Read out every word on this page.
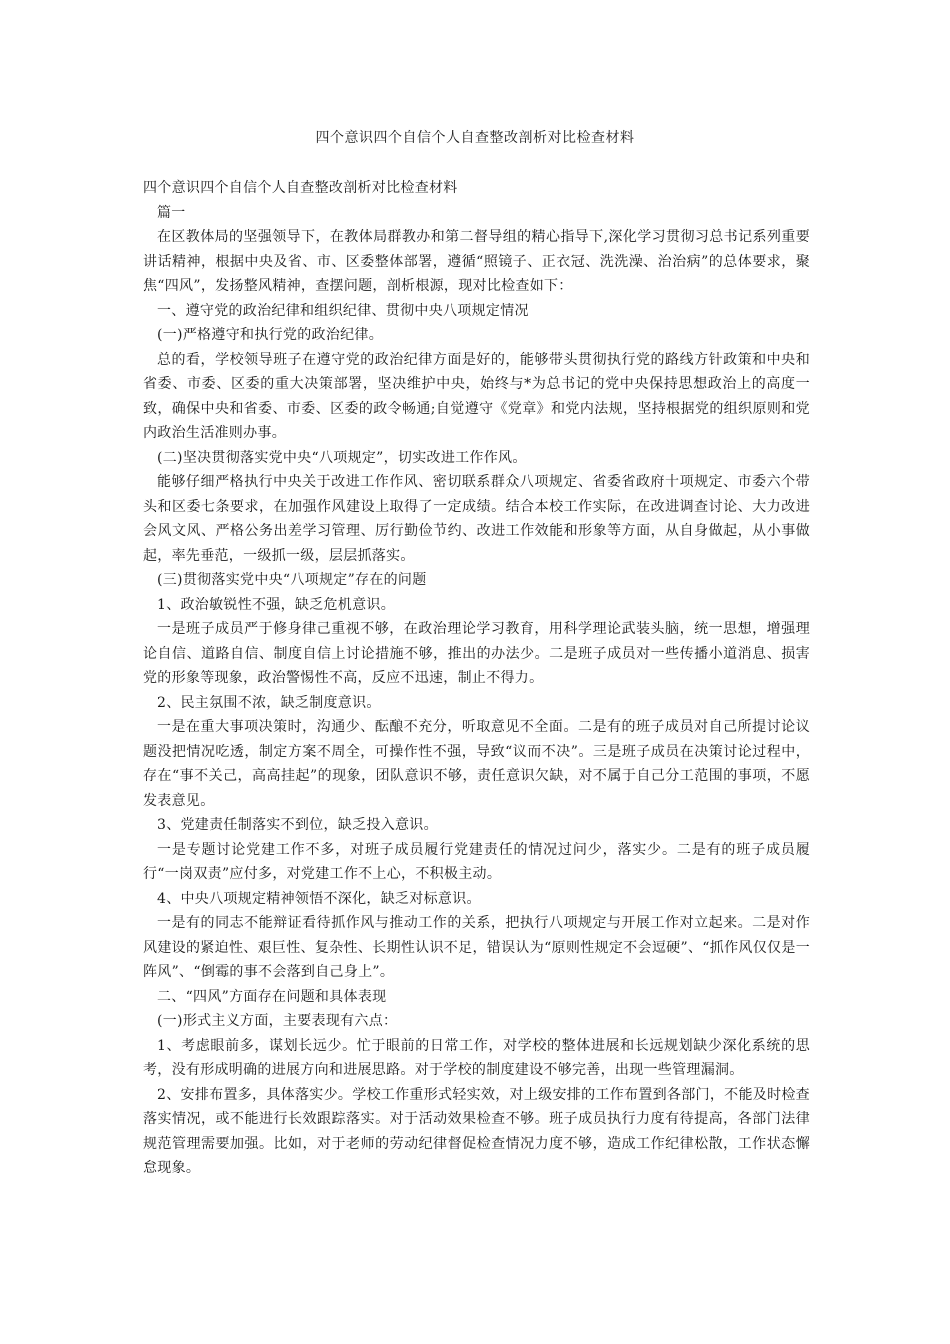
四个意识四个自信个人自查整改剖析对比检查材料

四个意识四个自信个人自查整改剖析对比检查材料

篇一

在区教体局的坚强领导下，在教体局群教办和第二督导组的精心指导下,深化学习贯彻习总书记系列重要讲话精神，根据中央及省、市、区委整体部署，遵循“照镜子、正衣冠、洗洗澡、治治病”的总体要求，聚焦“四风”，发扬整风精神，查摆问题，剖析根源，现对比检查如下：

一、遵守党的政治纪律和组织纪律、贯彻中央八项规定情况

(一)严格遵守和执行党的政治纪律。

总的看，学校领导班子在遵守党的政治纪律方面是好的，能够带头贯彻执行党的路线方针政策和中央和省委、市委、区委的重大决策部署，坚决维护中央，始终与*为总书记的党中央保持思想政治上的高度一致，确保中央和省委、市委、区委的政令畅通;自觉遵守《党章》和党内法规，坚持根据党的组织原则和党内政治生活准则办事。

(二)坚决贯彻落实党中央“八项规定”，切实改进工作作风。

能够仔细严格执行中央关于改进工作作风、密切联系群众八项规定、省委省政府十项规定、市委六个带头和区委七条要求，在加强作风建设上取得了一定成绩。结合本校工作实际，在改进调查讨论、大力改进会风文风、严格公务出差学习管理、厉行勤俭节约、改进工作效能和形象等方面，从自身做起，从小事做起，率先垂范，一级抓一级，层层抓落实。

(三)贯彻落实党中央“八项规定”存在的问题

1、政治敏锐性不强，缺乏危机意识。

一是班子成员严于修身律己重视不够，在政治理论学习教育，用科学理论武装头脑，统一思想，增强理论自信、道路自信、制度自信上讨论措施不够，推出的办法少。二是班子成员对一些传播小道消息、损害党的形象等现象，政治警惕性不高，反应不迅速，制止不得力。

2、民主氛围不浓，缺乏制度意识。

一是在重大事项决策时，沟通少、酝酿不充分，听取意见不全面。二是有的班子成员对自己所提讨论议题没把情况吃透，制定方案不周全，可操作性不强，导致“议而不决”。三是班子成员在决策讨论过程中，存在“事不关己，高高挂起”的现象，团队意识不够，责任意识欠缺，对不属于自己分工范围的事项，不愿发表意见。

3、党建责任制落实不到位，缺乏投入意识。

一是专题讨论党建工作不多，对班子成员履行党建责任的情况过问少，落实少。二是有的班子成员履行“一岗双责”应付多，对党建工作不上心，不积极主动。

4、中央八项规定精神领悟不深化，缺乏对标意识。

一是有的同志不能辩证看待抓作风与推动工作的关系，把执行八项规定与开展工作对立起来。二是对作风建设的紧迫性、艰巨性、复杂性、长期性认识不足，错误认为“原则性规定不会逗硬”、“抓作风仅仅是一阵风”、“倒霉的事不会落到自己身上”。

二、“四风”方面存在问题和具体表现

(一)形式主义方面，主要表现有六点：

1、考虑眼前多，谋划长远少。忙于眼前的日常工作，对学校的整体进展和长远规划缺少深化系统的思考，没有形成明确的进展方向和进展思路。对于学校的制度建设不够完善，出现一些管理漏洞。

2、安排布置多，具体落实少。学校工作重形式轻实效，对上级安排的工作布置到各部门，不能及时检查落实情况，或不能进行长效跟踪落实。对于活动效果检查不够。班子成员执行力度有待提高，各部门法律规范管理需要加强。比如，对于老师的劳动纪律督促检查情况力度不够，造成工作纪律松散，工作状态懈怠现象。
